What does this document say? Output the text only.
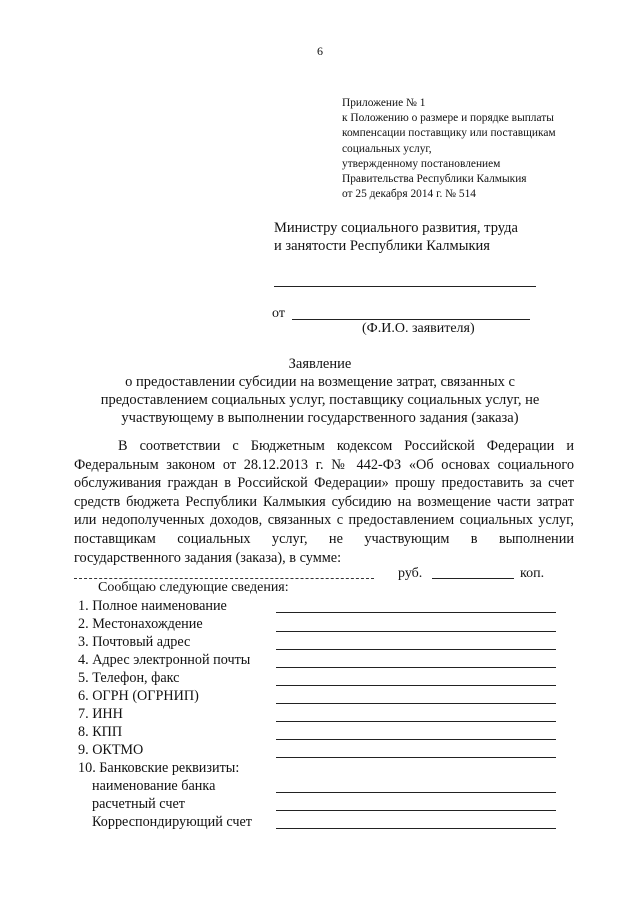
6
Приложение № 1
к Положению о размере и порядке выплаты
компенсации поставщику или поставщикам
социальных услуг,
утвержденному постановлением
Правительства Республики Калмыкия
от 25 декабря 2014 г. № 514
Министру социального развития, труда
и занятости Республики Калмыкия
от
(Ф.И.О. заявителя)
Заявление
о предоставлении субсидии на возмещение затрат, связанных с
предоставлением социальных услуг, поставщику социальных услуг, не
участвующему в выполнении государственного задания (заказа)

В соответствии с Бюджетным кодексом Российской Федерации и Федеральным законом от 28.12.2013 г. № 442-ФЗ «Об основах социального обслуживания граждан в Российской Федерации» прошу предоставить за счет средств бюджета Республики Калмыкия субсидию на возмещение части затрат или недополученных доходов, связанных с предоставлением социальных услуг, поставщикам социальных услуг, не участвующим в выполнении государственного задания (заказа), в сумме:

руб.	коп.
Сообщаю следующие сведения:
1. Полное наименование
2. Местонахождение
3. Почтовый адрес
4. Адрес электронной почты
5. Телефон, факс
6. ОГРН (ОГРНИП)
7. ИНН
8. КПП
9. ОКТМО
10. Банковские реквизиты:
наименование банка
расчетный счет
Корреспондирующий счет
